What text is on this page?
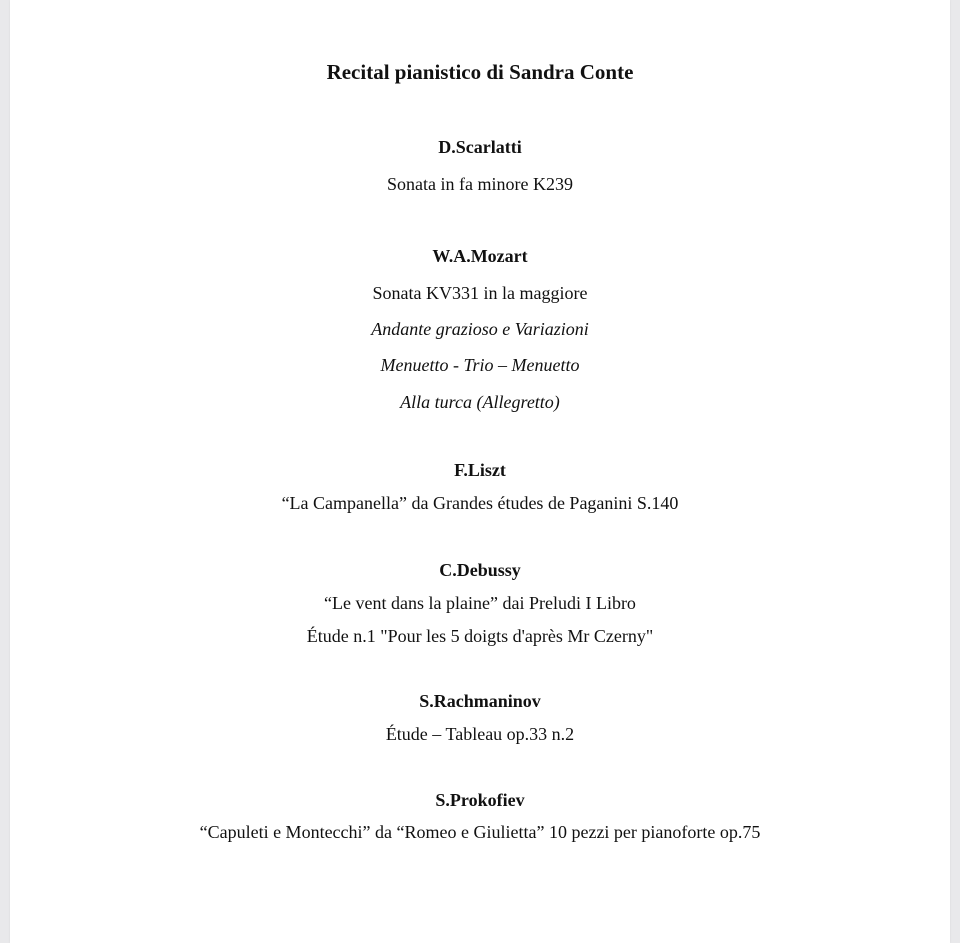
Recital pianistico di Sandra Conte
D.Scarlatti
Sonata in fa minore K239
W.A.Mozart
Sonata KV331 in la maggiore
Andante grazioso e Variazioni
Menuetto - Trio – Menuetto
Alla turca (Allegretto)
F.Liszt
“La Campanella” da Grandes études de Paganini S.140
C.Debussy
“Le vent dans la plaine” dai Preludi I Libro
Étude n.1 "Pour les 5 doigts d'après Mr Czerny"
S.Rachmaninov
Étude – Tableau op.33 n.2
S.Prokofiev
“Capuleti e Montecchi” da “Romeo e Giulietta” 10 pezzi per pianoforte op.75
